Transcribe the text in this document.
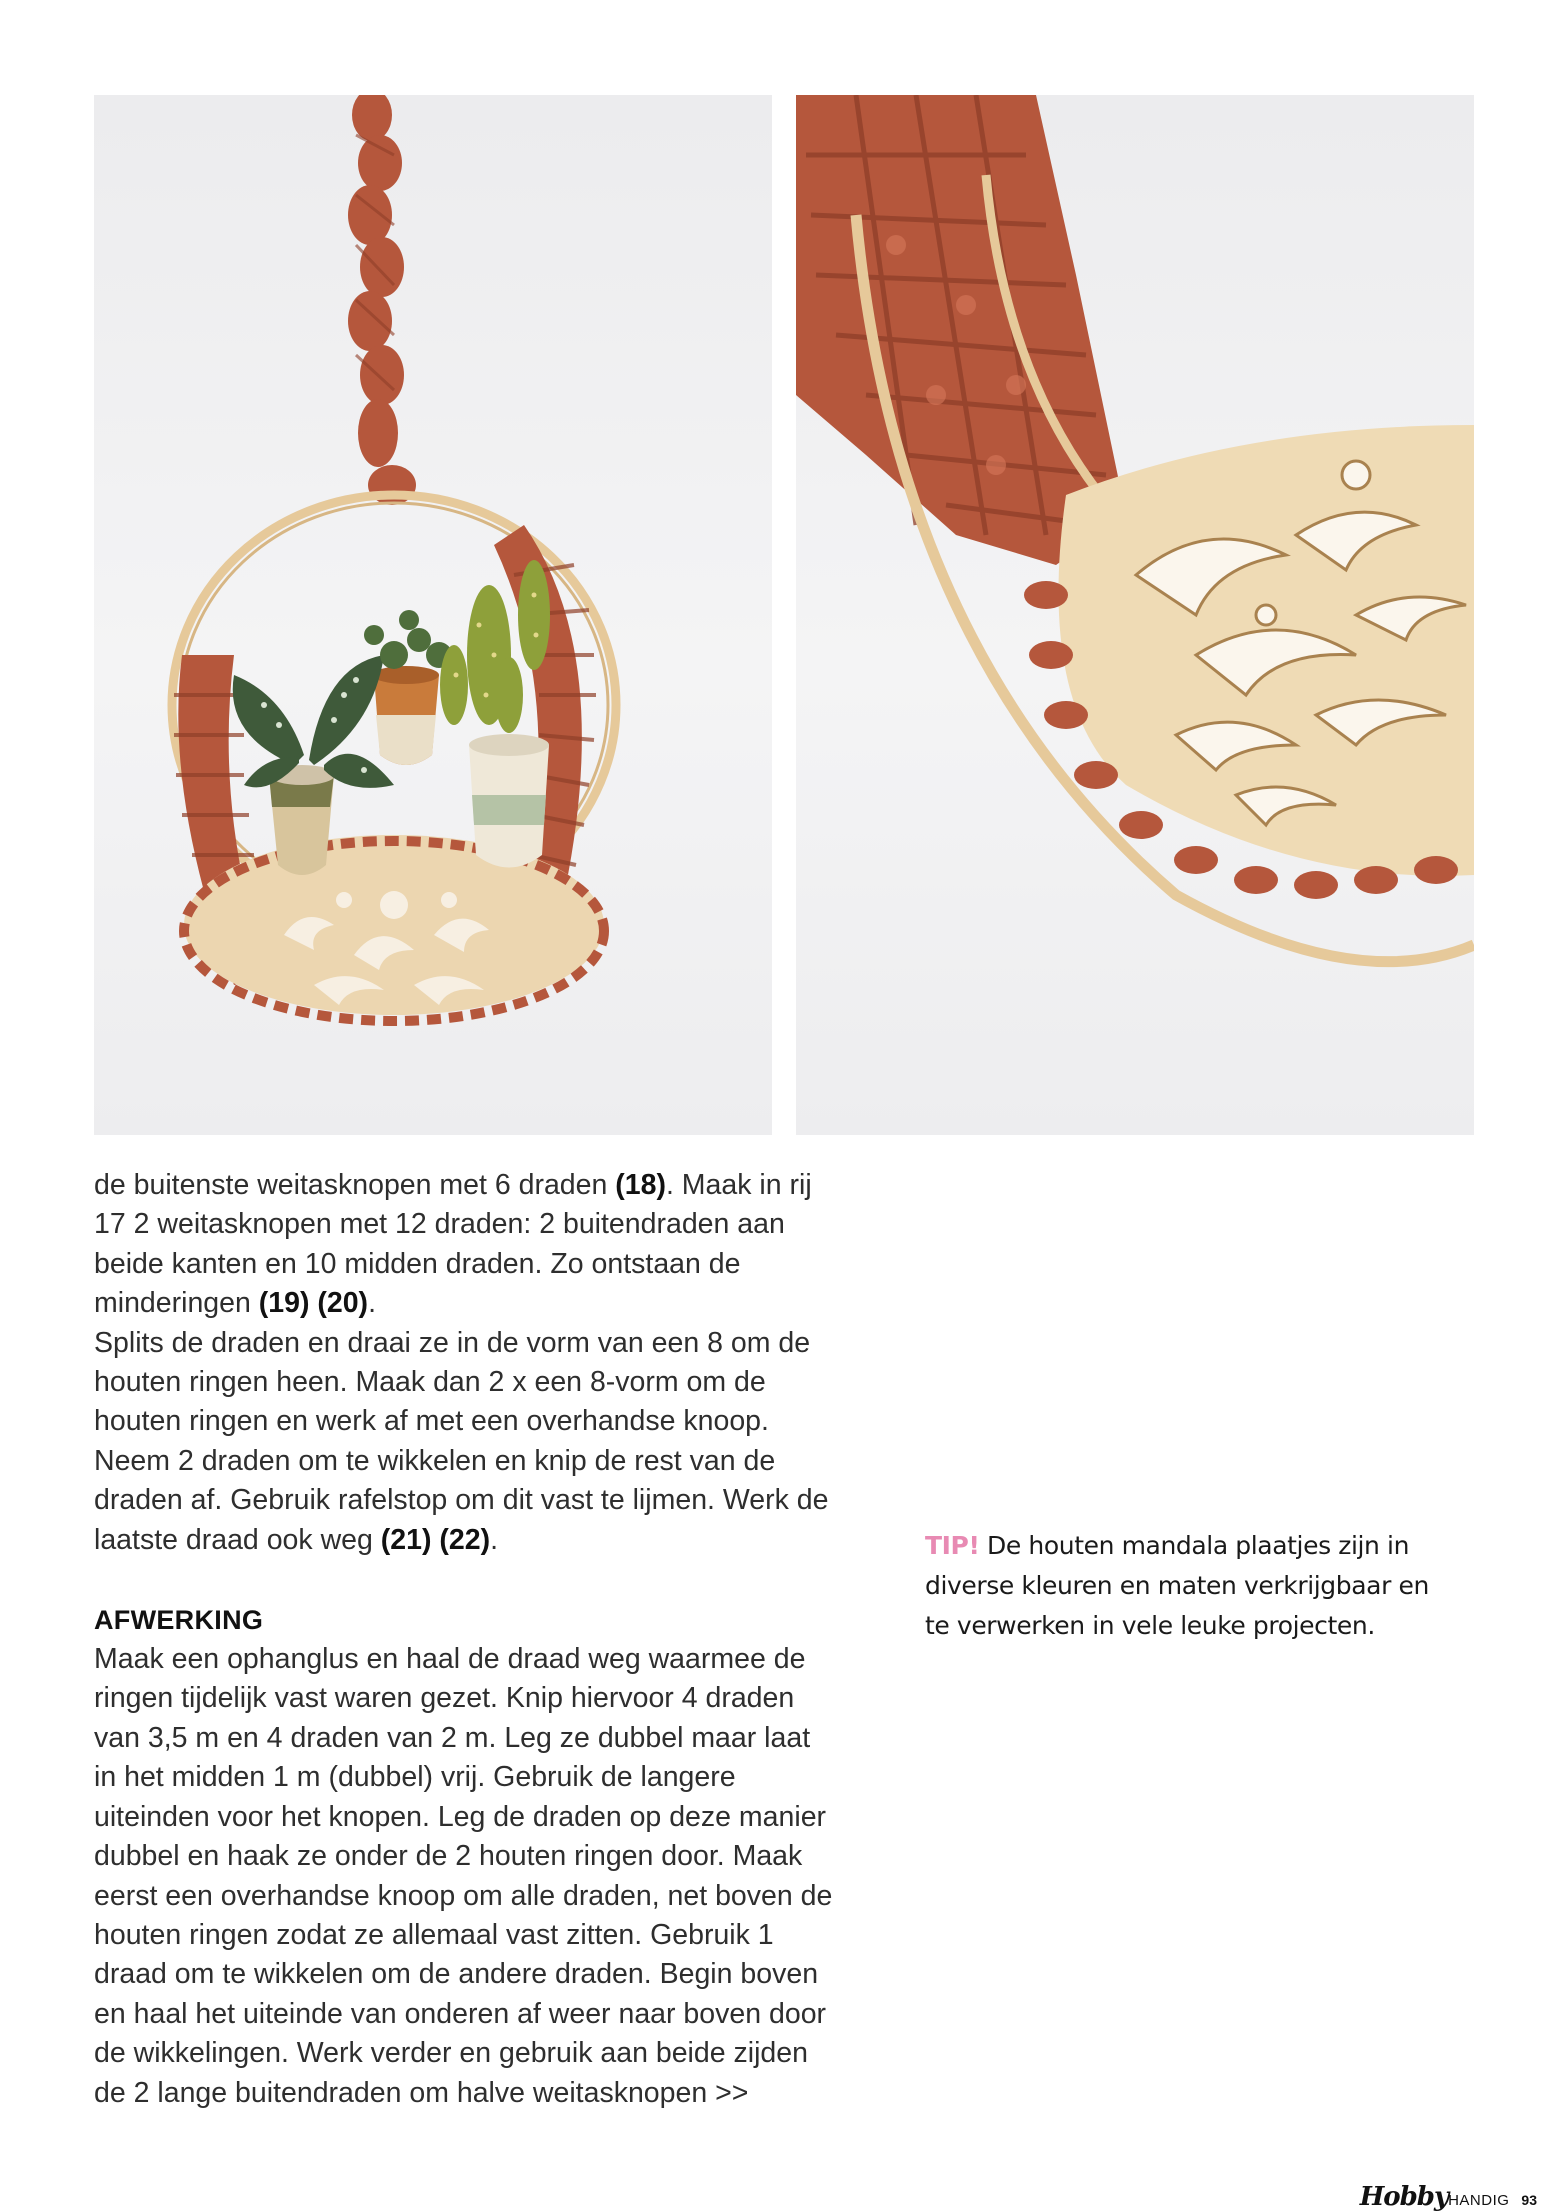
de buitenste weitasknopen met 6 draden (18). Maak in rij 17 2 weitasknopen met 12 draden: 2 buitendraden aan beide kanten en 10 midden draden. Zo ontstaan de minderingen (19) (20).

Splits de draden en draai ze in de vorm van een 8 om de houten ringen heen. Maak dan 2 x een 8-vorm om de houten ringen en werk af met een overhandse knoop. Neem 2 draden om te wikkelen en knip de rest van de draden af. Gebruik rafelstop om dit vast te lijmen. Werk de laatste draad ook weg (21) (22).

AFWERKING

Maak een ophanglus en haal de draad weg waarmee de ringen tijdelijk vast waren gezet. Knip hiervoor 4 draden van 3,5 m en 4 draden van 2 m. Leg ze dubbel maar laat in het midden 1 m (dubbel) vrij. Gebruik de langere uiteinden voor het knopen. Leg de draden op deze manier dubbel en haak ze onder de 2 houten ringen door. Maak eerst een overhandse knoop om alle draden, net boven de houten ringen zodat ze allemaal vast zitten. Gebruik 1 draad om te wikkelen om de andere draden. Begin boven en haal het uiteinde van onderen af weer naar boven door de wikkelingen. Werk verder en gebruik aan beide zijden de 2 lange buitendraden om halve weitasknopen >>

TIP! De houten mandala plaatjes zijn in diverse kleuren en maten verkrijgbaar en te verwerken in vele leuke projecten.
Hobby HANDIG 93
